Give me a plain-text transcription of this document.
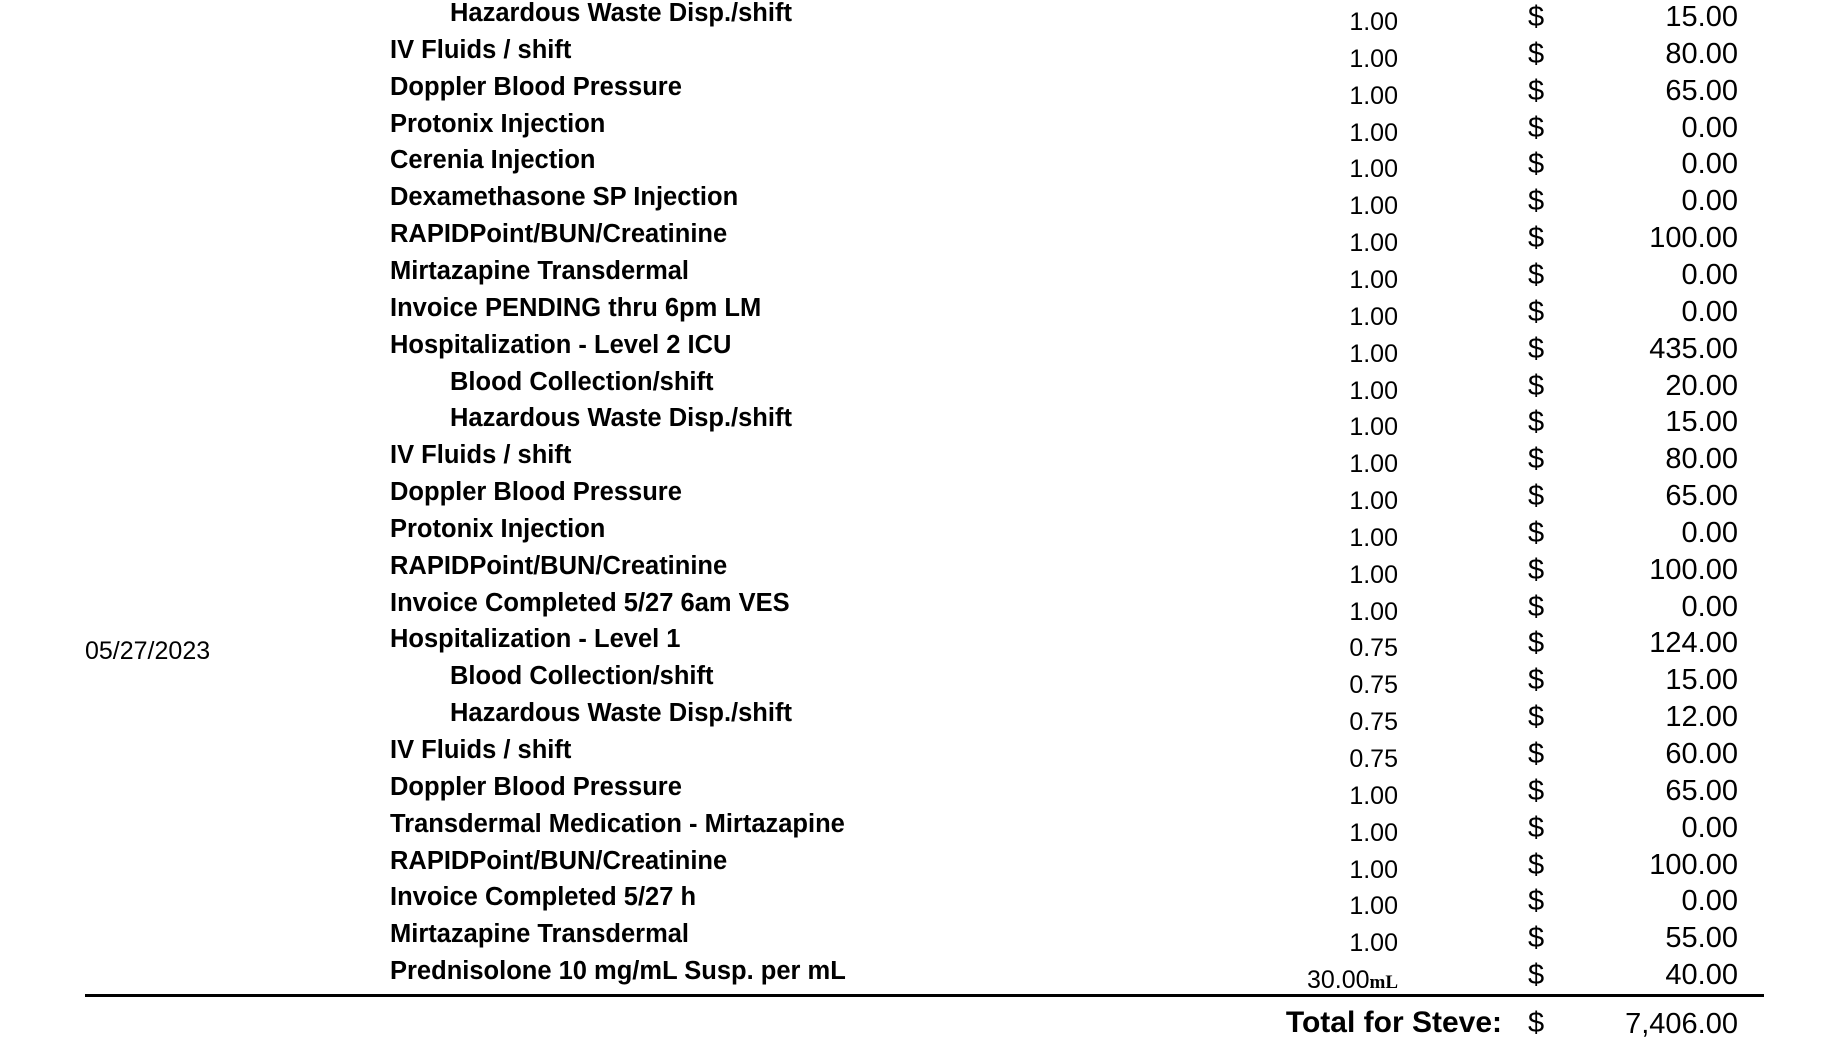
Hazardous Waste Disp./shift	1.00	$	15.00
IV Fluids / shift	1.00	$	80.00
Doppler Blood Pressure	1.00	$	65.00
Protonix Injection	1.00	$	0.00
Cerenia Injection	1.00	$	0.00
Dexamethasone SP Injection	1.00	$	0.00
RAPIDPoint/BUN/Creatinine	1.00	$	100.00
Mirtazapine Transdermal	1.00	$	0.00
Invoice PENDING thru 6pm LM	1.00	$	0.00
Hospitalization - Level 2 ICU	1.00	$	435.00
Blood Collection/shift	1.00	$	20.00
Hazardous Waste Disp./shift	1.00	$	15.00
IV Fluids / shift	1.00	$	80.00
Doppler Blood Pressure	1.00	$	65.00
Protonix Injection	1.00	$	0.00
RAPIDPoint/BUN/Creatinine	1.00	$	100.00
Invoice Completed 5/27 6am VES	1.00	$	0.00
05/27/2023	Hospitalization - Level 1	0.75	$	124.00
Blood Collection/shift	0.75	$	15.00
Hazardous Waste Disp./shift	0.75	$	12.00
IV Fluids / shift	0.75	$	60.00
Doppler Blood Pressure	1.00	$	65.00
Transdermal Medication - Mirtazapine	1.00	$	0.00
RAPIDPoint/BUN/Creatinine	1.00	$	100.00
Invoice Completed 5/27 h	1.00	$	0.00
Mirtazapine Transdermal	1.00	$	55.00
Prednisolone 10 mg/mL Susp. per mL	30.00mL	$	40.00
Total for Steve: $	7,406.00
